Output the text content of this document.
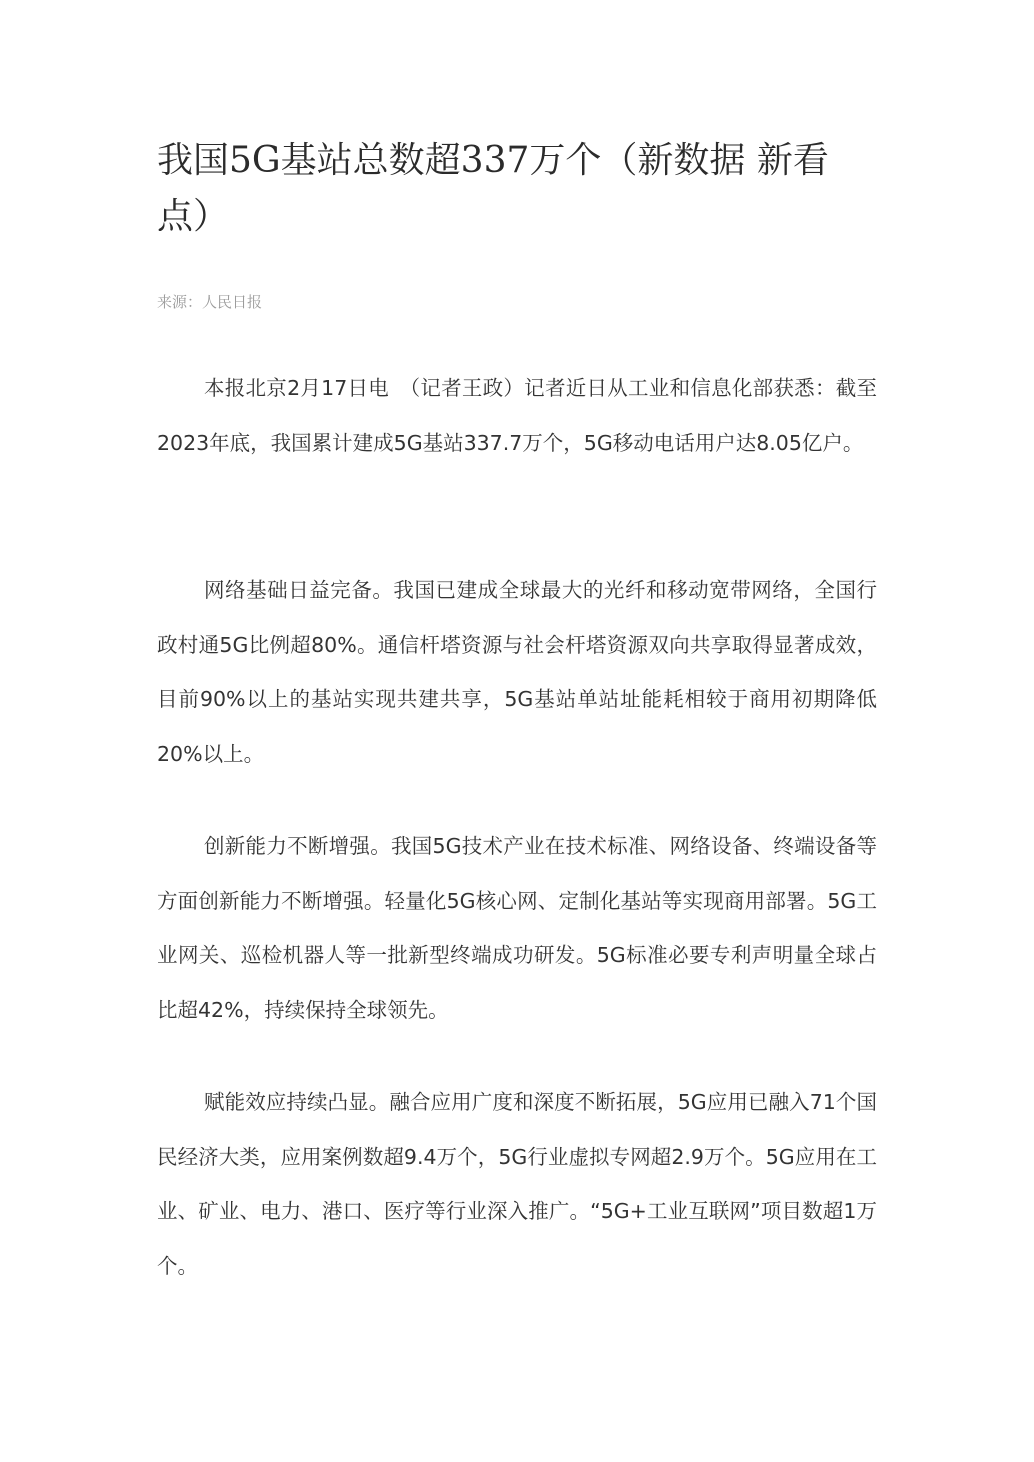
我国5G基站总数超337万个（新数据 新看点）
来源：人民日报

本报北京2月17日电　（记者王政）记者近日从工业和信息化部获悉：截至2023年底，我国累计建成5G基站337.7万个，5G移动电话用户达8.05亿户。

网络基础日益完备。我国已建成全球最大的光纤和移动宽带网络，全国行政村通5G比例超80%。通信杆塔资源与社会杆塔资源双向共享取得显著成效，目前90%以上的基站实现共建共享，5G基站单站址能耗相较于商用初期降低20%以上。

创新能力不断增强。我国5G技术产业在技术标准、网络设备、终端设备等方面创新能力不断增强。轻量化5G核心网、定制化基站等实现商用部署。5G工业网关、巡检机器人等一批新型终端成功研发。5G标准必要专利声明量全球占比超42%，持续保持全球领先。

赋能效应持续凸显。融合应用广度和深度不断拓展，5G应用已融入71个国民经济大类，应用案例数超9.4万个，5G行业虚拟专网超2.9万个。5G应用在工业、矿业、电力、港口、医疗等行业深入推广。“5G+工业互联网”项目数超1万个。
